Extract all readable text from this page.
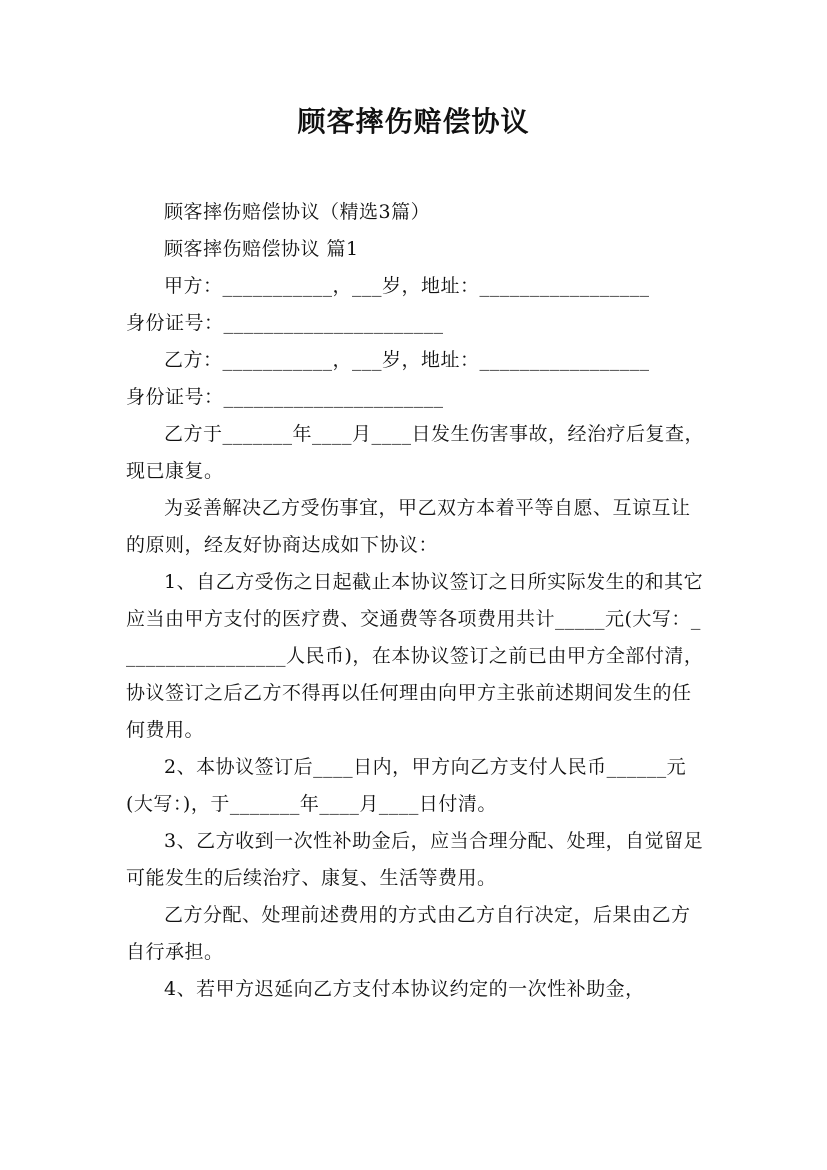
顾客摔伤赔偿协议

顾客摔伤赔偿协议（精选3篇）

顾客摔伤赔偿协议 篇1

甲方：___________，___岁，地址：_________________
身份证号：______________________

乙方：___________，___岁，地址：_________________
身份证号：______________________

乙方于_______年____月____日发生伤害事故，经治疗后复查，现已康复。

为妥善解决乙方受伤事宜，甲乙双方本着平等自愿、互谅互让的原则，经友好协商达成如下协议：

1、自乙方受伤之日起截止本协议签订之日所实际发生的和其它应当由甲方支付的医疗费、交通费等各项费用共计_____元(大写：_________________人民币)，在本协议签订之前已由甲方全部付清，协议签订之后乙方不得再以任何理由向甲方主张前述期间发生的任何费用。

2、本协议签订后____日内，甲方向乙方支付人民币______元(大写：)，于_______年____月____日付清。

3、乙方收到一次性补助金后，应当合理分配、处理，自觉留足可能发生的后续治疗、康复、生活等费用。

乙方分配、处理前述费用的方式由乙方自行决定，后果由乙方自行承担。

4、若甲方迟延向乙方支付本协议约定的一次性补助金，
